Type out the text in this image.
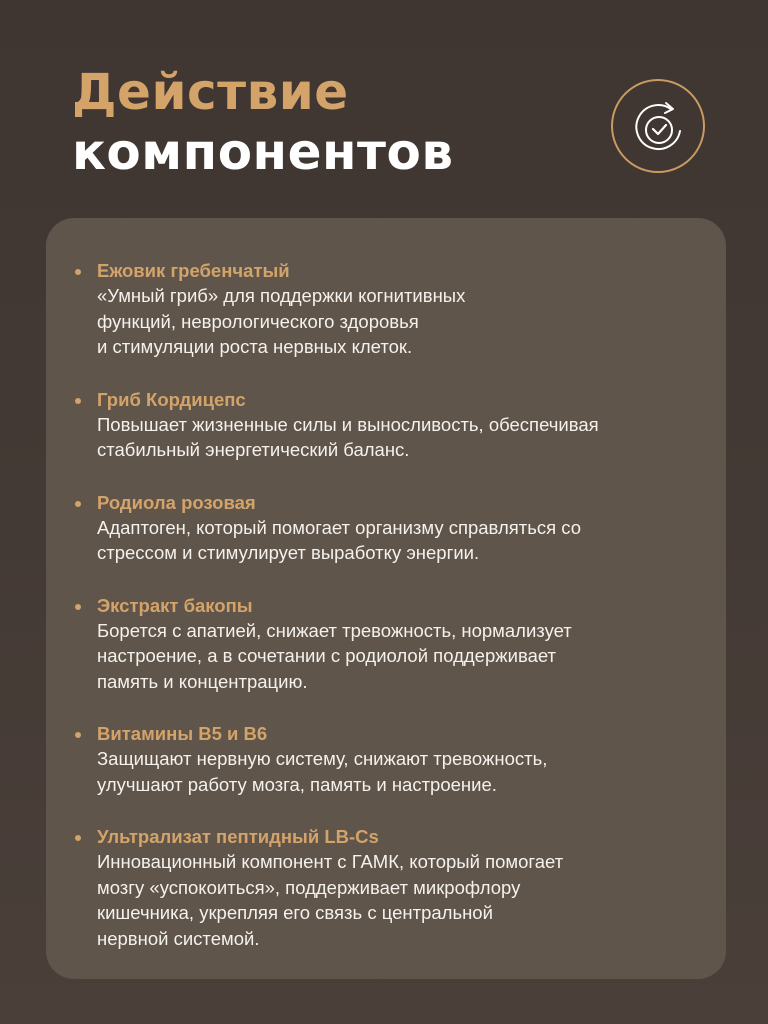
Действие
компонентов
Ежовик гребенчатый
«Умный гриб» для поддержки когнитивных
функций, неврологического здоровья
и стимуляции роста нервных клеток.
Гриб Кордицепс
Повышает жизненные силы и выносливость, обеспечивая
стабильный энергетический баланс.
Родиола розовая
Адаптоген, который помогает организму справляться со
стрессом и стимулирует выработку энергии.
Экстракт бакопы
Борется с апатией, снижает тревожность, нормализует
настроение, а в сочетании с родиолой поддерживает
память и концентрацию.
Витамины B5 и B6
Защищают нервную систему, снижают тревожность,
улучшают работу мозга, память и настроение.
Ультрализат пептидный LB-Cs
Инновационный компонент с ГАМК, который помогает
мозгу «успокоиться», поддерживает микрофлору
кишечника, укрепляя его связь с центральной
нервной системой.
